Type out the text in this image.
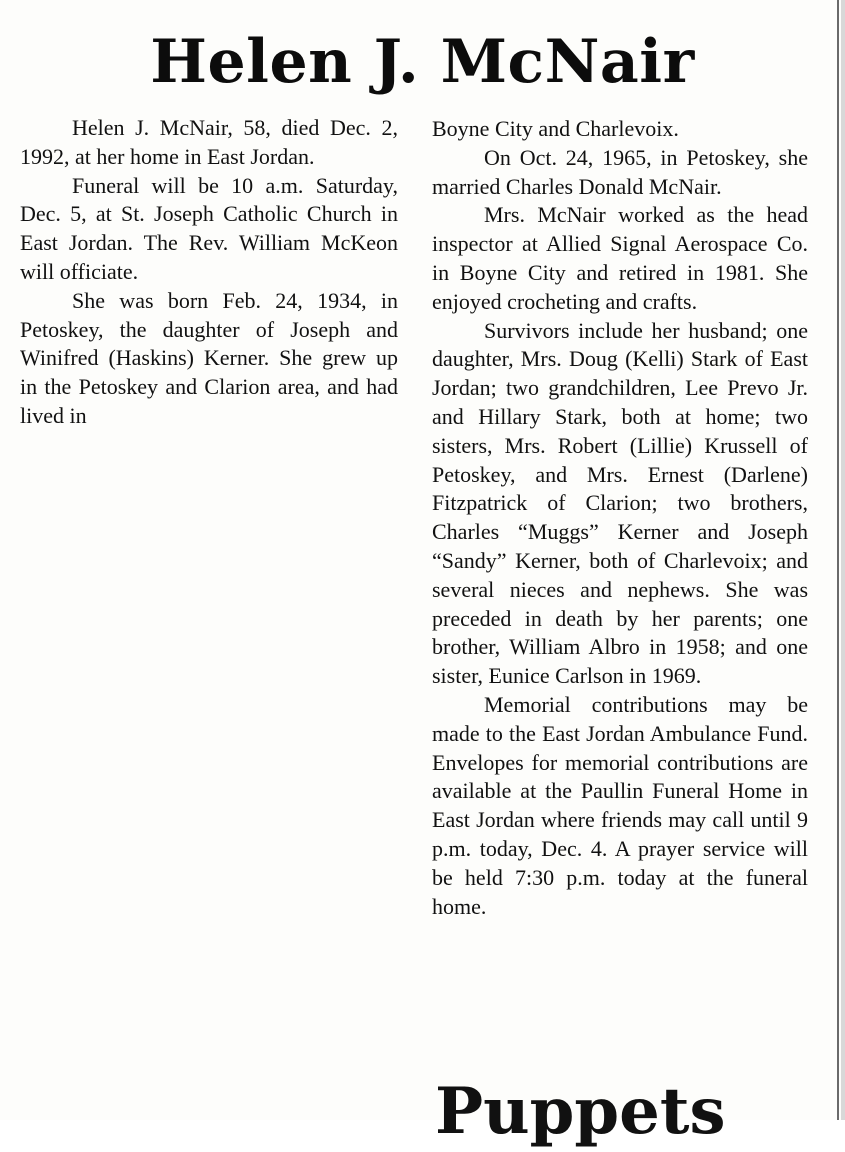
Helen J. McNair

Helen J. McNair, 58, died Dec. 2, 1992, at her home in East Jordan.

Funeral will be 10 a.m. Saturday, Dec. 5, at St. Joseph Catholic Church in East Jordan. The Rev. William McKeon will officiate.

She was born Feb. 24, 1934, in Petoskey, the daughter of Joseph and Winifred (Haskins) Kerner. She grew up in the Petoskey and Clarion area, and had lived in

Boyne City and Charlevoix.

On Oct. 24, 1965, in Petoskey, she married Charles Donald McNair.

Mrs. McNair worked as the head inspector at Allied Signal Aerospace Co. in Boyne City and retired in 1981. She enjoyed crocheting and crafts.

Survivors include her husband; one daughter, Mrs. Doug (Kelli) Stark of East Jordan; two grandchildren, Lee Prevo Jr. and Hillary Stark, both at home; two sisters, Mrs. Robert (Lillie) Krussell of Petoskey, and Mrs. Ernest (Darlene) Fitzpatrick of Clarion; two brothers, Charles “Muggs” Kerner and Joseph “Sandy” Kerner, both of Charlevoix; and several nieces and nephews. She was preceded in death by her parents; one brother, William Albro in 1958; and one sister, Eunice Carlson in 1969.

Memorial contributions may be made to the East Jordan Ambulance Fund. Envelopes for memorial contributions are available at the Paullin Funeral Home in East Jordan where friends may call until 9 p.m. today, Dec. 4. A prayer service will be held 7:30 p.m. today at the funeral home.

Puppets
